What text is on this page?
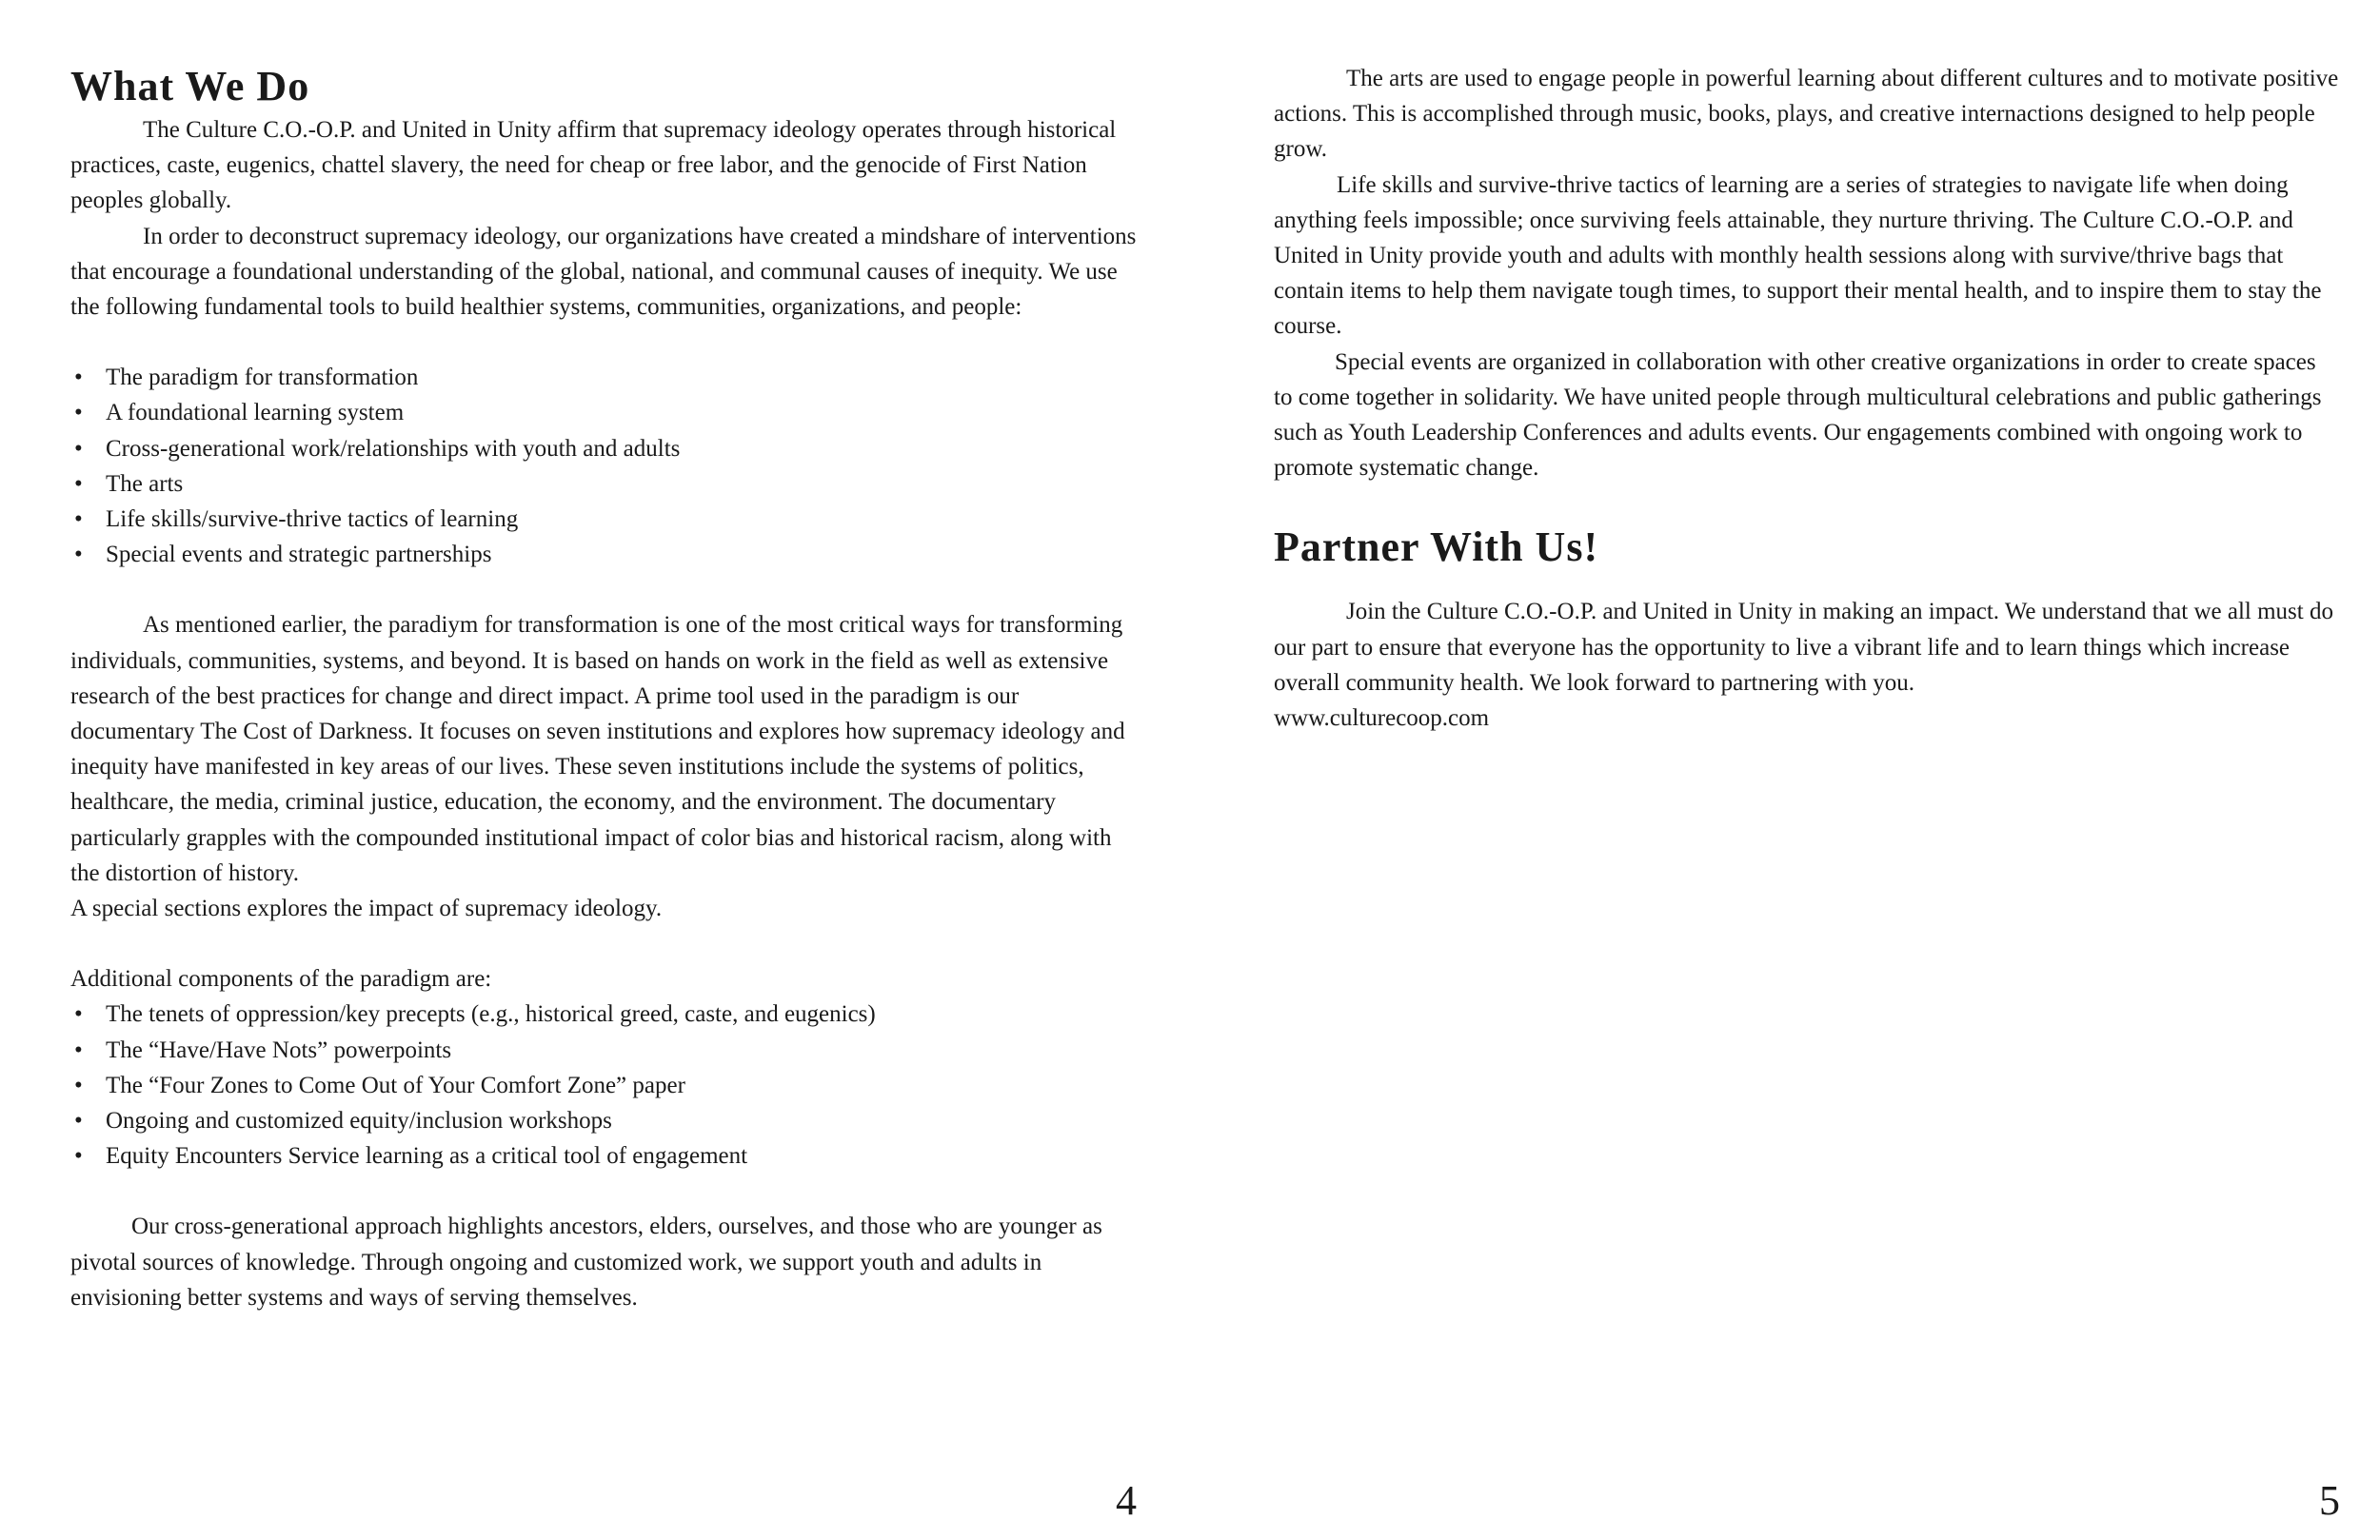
What We Do

The Culture C.O.-O.P. and United in Unity affirm that supremacy ideology operates through historical practices, caste, eugenics, chattel slavery, the need for cheap or free labor, and the genocide of First Nation peoples globally.

In order to deconstruct supremacy ideology, our organizations have created a mindshare of interventions that encourage a foundational understanding of the global, national, and communal causes of inequity. We use the following fundamental tools to build healthier systems, communities, organizations, and people:

• The paradigm for transformation
• A foundational learning system
• Cross-generational work/relationships with youth and adults
• The arts
• Life skills/survive-thrive tactics of learning
• Special events and strategic partnerships

As mentioned earlier, the paradiym for transformation is one of the most critical ways for transforming individuals, communities, systems, and beyond. It is based on hands on work in the field as well as extensive research of the best practices for change and direct impact. A prime tool used in the paradigm is our documentary The Cost of Darkness. It focuses on seven institutions and explores how supremacy ideology and inequity have manifested in key areas of our lives. These seven institutions include the systems of politics, healthcare, the media, criminal justice, education, the economy, and the environment. The documentary particularly grapples with the compounded institutional impact of color bias and historical racism, along with the distortion of history.

A special sections explores the impact of supremacy ideology.

Additional components of the paradigm are:

• The tenets of oppression/key precepts (e.g., historical greed, caste, and eugenics)
• The “Have/Have Nots” powerpoints
• The “Four Zones to Come Out of Your Comfort Zone” paper
• Ongoing and customized equity/inclusion workshops
• Equity Encounters Service learning as a critical tool of engagement

Our cross-generational approach highlights ancestors, elders, ourselves, and those who are younger as pivotal sources of knowledge. Through ongoing and customized work, we support youth and adults in envisioning better systems and ways of serving themselves.

4

The arts are used to engage people in powerful learning about different cultures and to motivate positive actions. This is accomplished through music, books, plays, and creative internactions designed to help people grow.

Life skills and survive-thrive tactics of learning are a series of strategies to navigate life when doing anything feels impossible; once surviving feels attainable, they nurture thriving. The Culture C.O.-O.P. and United in Unity provide youth and adults with monthly health sessions along with survive/thrive bags that contain items to help them navigate tough times, to support their mental health, and to inspire them to stay the course.

Special events are organized in collaboration with other creative organizations in order to create spaces to come together in solidarity. We have united people through multicultural celebrations and public gatherings such as Youth Leadership Conferences and adults events. Our engagements combined with ongoing work to promote systematic change.

Partner With Us!

Join the Culture C.O.-O.P. and United in Unity in making an impact. We understand that we all must do our part to ensure that everyone has the opportunity to live a vibrant life and to learn things which increase overall community health. We look forward to partnering with you.

www.culturecoop.com

5
